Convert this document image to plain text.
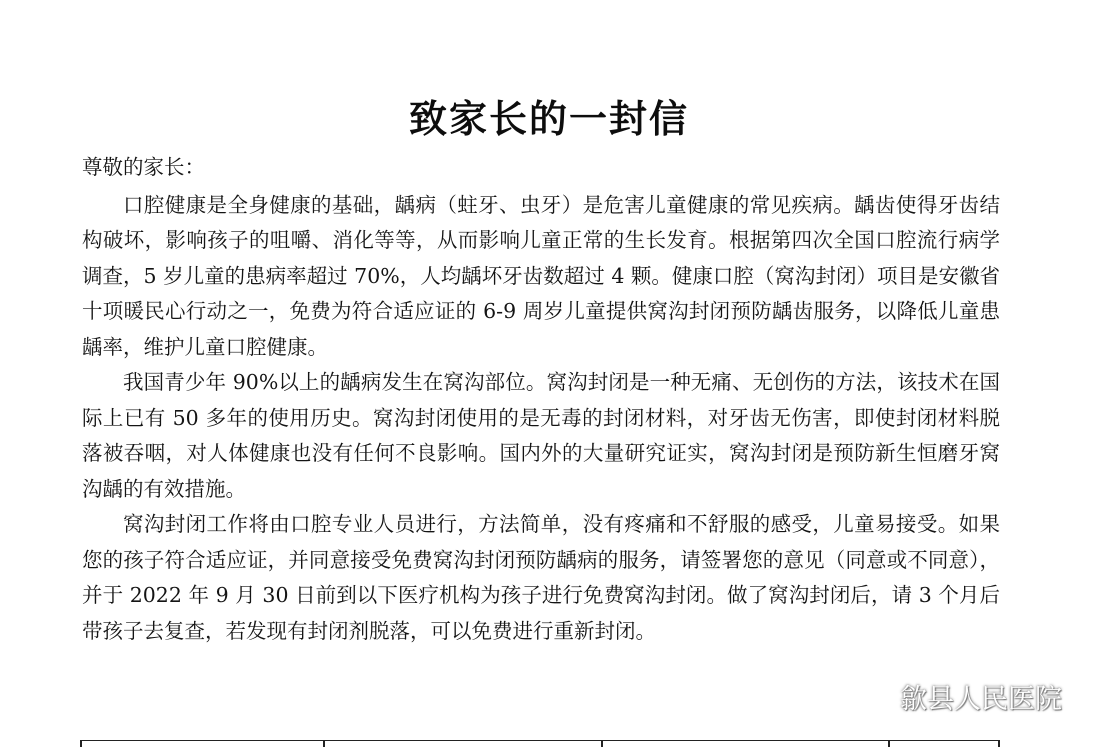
致家长的一封信

尊敬的家长：

口腔健康是全身健康的基础，龋病（蛀牙、虫牙）是危害儿童健康的常见疾病。龋齿使得牙齿结构破坏，影响孩子的咀嚼、消化等等，从而影响儿童正常的生长发育。根据第四次全国口腔流行病学调查，5 岁儿童的患病率超过 70%，人均龋坏牙齿数超过 4 颗。健康口腔（窝沟封闭）项目是安徽省十项暖民心行动之一，免费为符合适应证的 6-9 周岁儿童提供窝沟封闭预防龋齿服务，以降低儿童患龋率，维护儿童口腔健康。

我国青少年 90%以上的龋病发生在窝沟部位。窝沟封闭是一种无痛、无创伤的方法，该技术在国际上已有 50 多年的使用历史。窝沟封闭使用的是无毒的封闭材料，对牙齿无伤害，即使封闭材料脱落被吞咽，对人体健康也没有任何不良影响。国内外的大量研究证实，窝沟封闭是预防新生恒磨牙窝沟龋的有效措施。

窝沟封闭工作将由口腔专业人员进行，方法简单，没有疼痛和不舒服的感受，儿童易接受。如果您的孩子符合适应证，并同意接受免费窝沟封闭预防龋病的服务，请签署您的意见（同意或不同意），并于 2022 年 9 月 30 日前到以下医疗机构为孩子进行免费窝沟封闭。做了窝沟封闭后，请 3 个月后带孩子去复查，若发现有封闭剂脱落，可以免费进行重新封闭。

歙县人民医院
